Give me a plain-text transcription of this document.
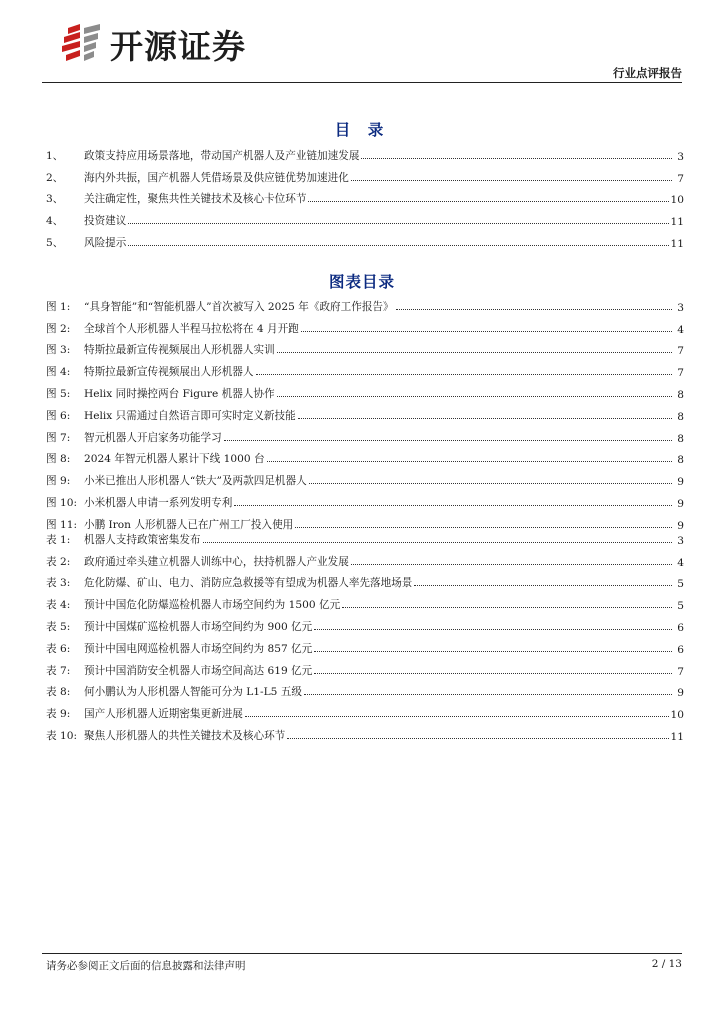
开源证券
行业点评报告
目 录
1、	政策支持应用场景落地，带动国产机器人及产业链加速发展	3
2、	海内外共振，国产机器人凭借场景及供应链优势加速进化	7
3、	关注确定性，聚焦共性关键技术及核心卡位环节	10
4、	投资建议	11
5、	风险提示	11
图表目录
图 1:	“具身智能”和“智能机器人”首次被写入 2025 年《政府工作报告》	3
图 2:	全球首个人形机器人半程马拉松将在 4 月开跑	4
图 3:	特斯拉最新宣传视频展出人形机器人实训	7
图 4:	特斯拉最新宣传视频展出人形机器人	7
图 5:	Helix 同时操控两台 Figure 机器人协作	8
图 6:	Helix 只需通过自然语言即可实时定义新技能	8
图 7:	智元机器人开启家务功能学习	8
图 8:	2024 年智元机器人累计下线 1000 台	8
图 9:	小米已推出人形机器人“铁大”及两款四足机器人	9
图 10: 小米机器人申请一系列发明专利	9
图 11: 小鹏 Iron 人形机器人已在广州工厂投入使用	9
表 1:	机器人支持政策密集发布	3
表 2:	政府通过牵头建立机器人训练中心，扶持机器人产业发展	4
表 3:	危化防爆、矿山、电力、消防应急救援等有望成为机器人率先落地场景	5
表 4:	预计中国危化防爆巡检机器人市场空间约为 1500 亿元	5
表 5:	预计中国煤矿巡检机器人市场空间约为 900 亿元	6
表 6:	预计中国电网巡检机器人市场空间约为 857 亿元	6
表 7:	预计中国消防安全机器人市场空间高达 619 亿元	7
表 8:	何小鹏认为人形机器人智能可分为 L1-L5 五级	9
表 9:	国产人形机器人近期密集更新进展	10
表 10: 聚焦人形机器人的共性关键技术及核心环节	11
请务必参阅正文后面的信息披露和法律声明	2 / 13
